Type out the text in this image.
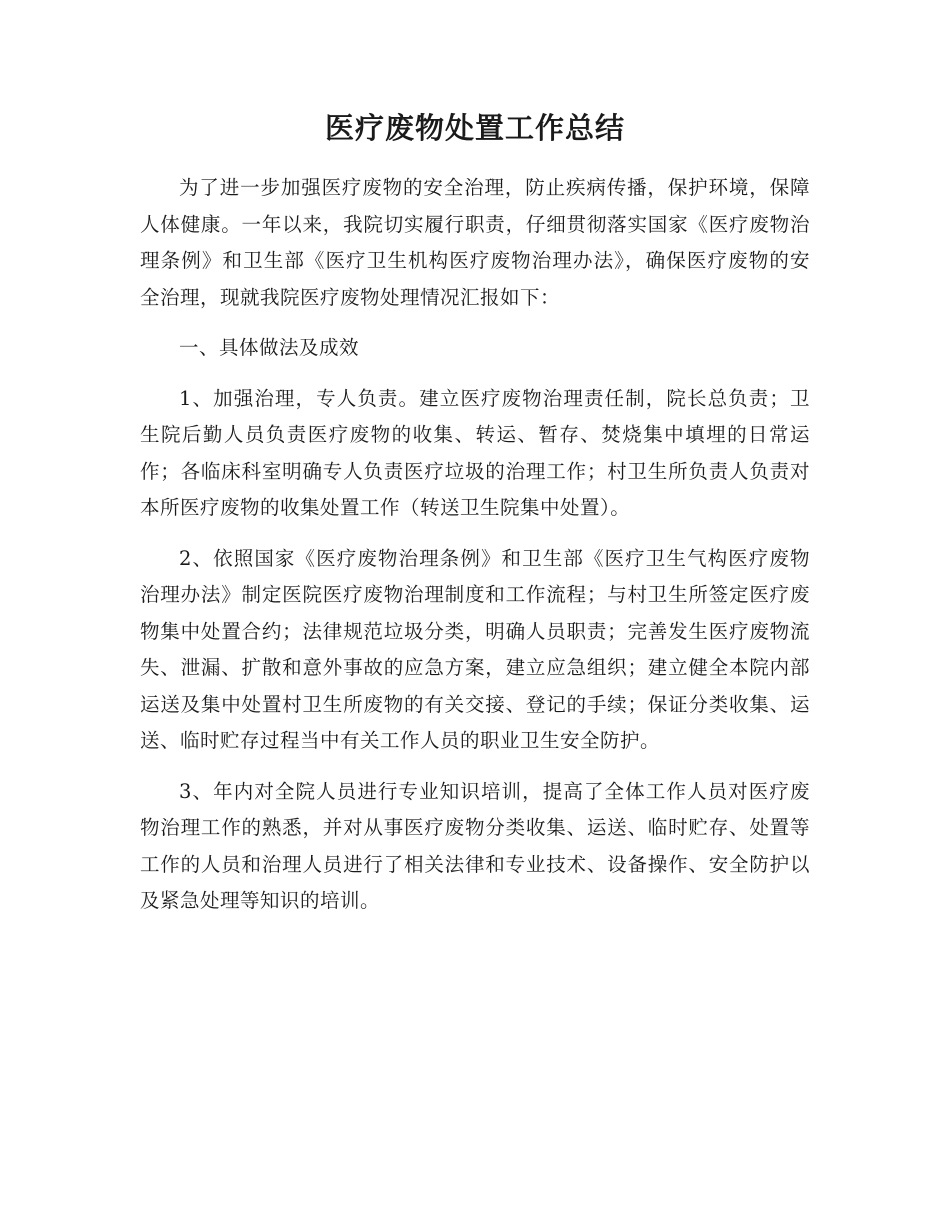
医疗废物处置工作总结

为了进一步加强医疗废物的安全治理，防止疾病传播，保护环境，保障人体健康。一年以来，我院切实履行职责，仔细贯彻落实国家《医疗废物治理条例》和卫生部《医疗卫生机构医疗废物治理办法》，确保医疗废物的安全治理，现就我院医疗废物处理情况汇报如下：

一、具体做法及成效

1、加强治理，专人负责。建立医疗废物治理责任制，院长总负责；卫生院后勤人员负责医疗废物的收集、转运、暂存、焚烧集中填埋的日常运作；各临床科室明确专人负责医疗垃圾的治理工作；村卫生所负责人负责对本所医疗废物的收集处置工作（转送卫生院集中处置）。

2、依照国家《医疗废物治理条例》和卫生部《医疗卫生气构医疗废物治理办法》制定医院医疗废物治理制度和工作流程；与村卫生所签定医疗废物集中处置合约；法律规范垃圾分类，明确人员职责；完善发生医疗废物流失、泄漏、扩散和意外事故的应急方案，建立应急组织；建立健全本院内部运送及集中处置村卫生所废物的有关交接、登记的手续；保证分类收集、运送、临时贮存过程当中有关工作人员的职业卫生安全防护。

3、年内对全院人员进行专业知识培训，提高了全体工作人员对医疗废物治理工作的熟悉，并对从事医疗废物分类收集、运送、临时贮存、处置等工作的人员和治理人员进行了相关法律和专业技术、设备操作、安全防护以及紧急处理等知识的培训。
